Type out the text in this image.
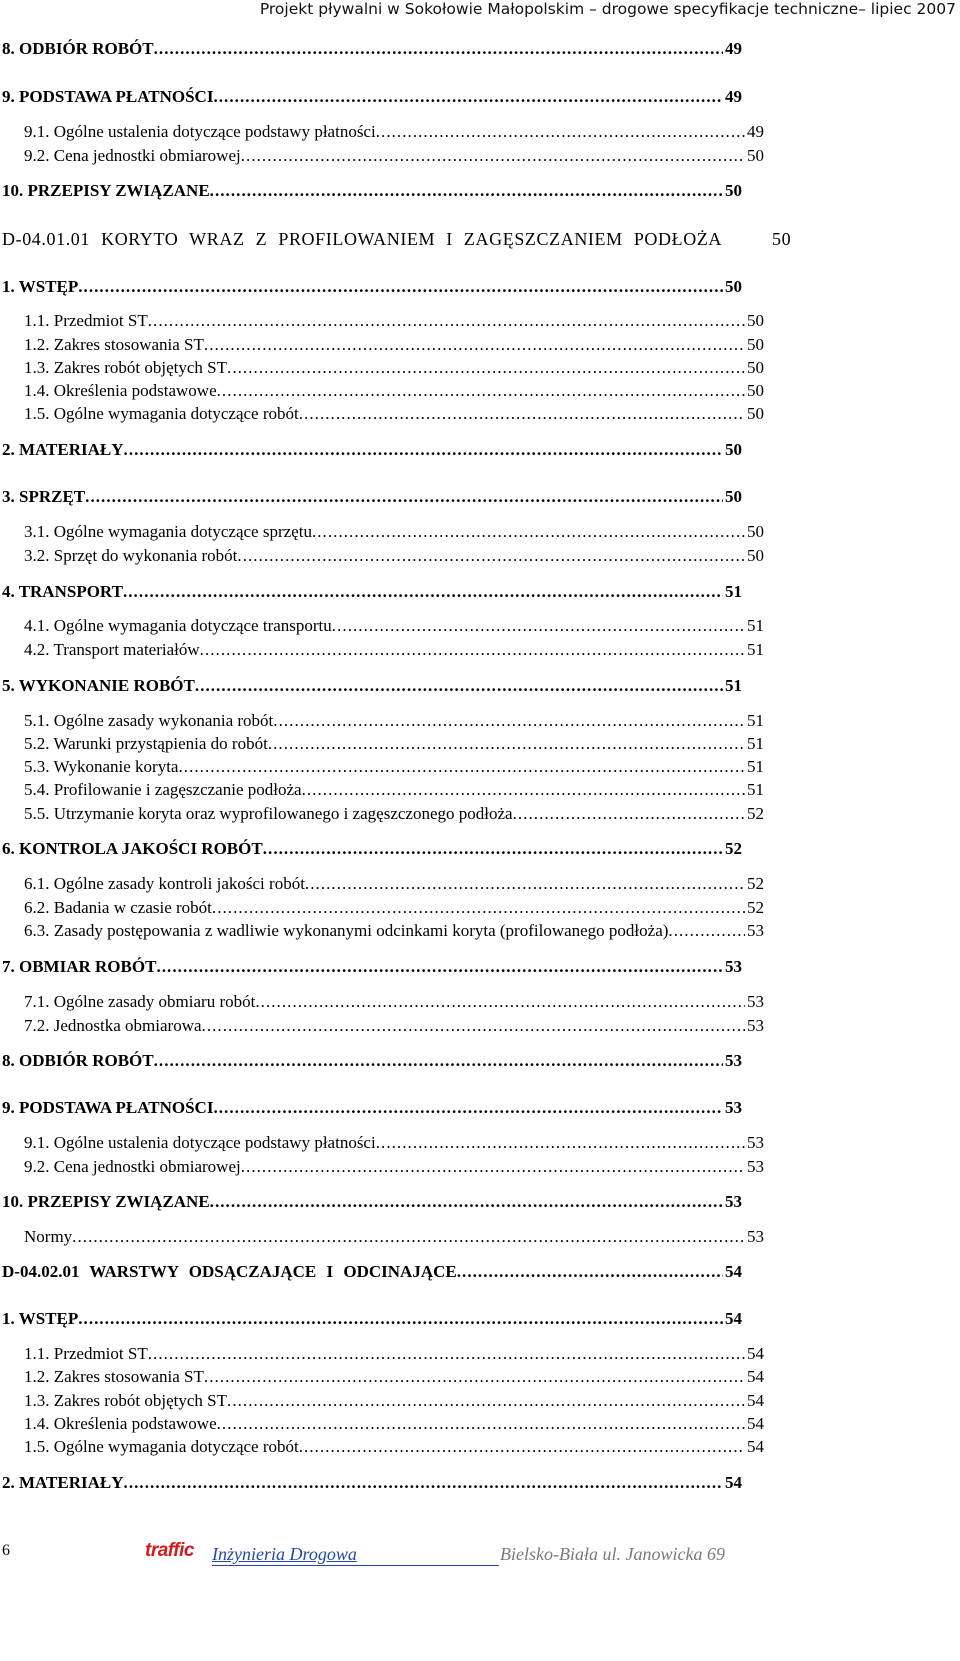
Projekt pływalni w Sokołowie Małopolskim – drogowe specyfikacje techniczne– lipiec 2007
8. ODBIÓR ROBÓT . . .	49
9. PODSTAWA PŁATNOŚCI . . .	49
9.1. Ogólne ustalenia dotyczące podstawy płatności . . .	49
9.2. Cena jednostki obmiarowej . . .	50
10. PRZEPISY ZWIĄZANE . . .	50
D-04.01.01 KORYTO WRAZ Z PROFILOWANIEM I ZAGĘSZCZANIEM PODŁOŻA	50
1. WSTĘP . . .	50
1.1. Przedmiot ST . . .	50
1.2. Zakres stosowania ST . . .	50
1.3. Zakres robót objętych ST . . .	50
1.4. Określenia podstawowe . . .	50
1.5. Ogólne wymagania dotyczące robót . . .	50
2. MATERIAŁY . . .	50
3. SPRZĘT . . .	50
3.1. Ogólne wymagania dotyczące sprzętu . . .	50
3.2. Sprzęt do wykonania robót . . .	50
4. TRANSPORT . . .	51
4.1. Ogólne wymagania dotyczące transportu . . .	51
4.2. Transport materiałów . . .	51
5. WYKONANIE ROBÓT . . .	51
5.1. Ogólne zasady wykonania robót . . .	51
5.2. Warunki przystąpienia do robót . . .	51
5.3. Wykonanie koryta . . .	51
5.4. Profilowanie i zagęszczanie podłoża . . .	51
5.5. Utrzymanie koryta oraz wyprofilowanego i zagęszczonego podłoża . . .	52
6. KONTROLA JAKOŚCI ROBÓT . . .	52
6.1. Ogólne zasady kontroli jakości robót . . .	52
6.2. Badania w czasie robót . . .	52
6.3. Zasady postępowania z wadliwie wykonanymi odcinkami koryta (profilowanego podłoża) . . .	53
7. OBMIAR ROBÓT . . .	53
7.1. Ogólne zasady obmiaru robót . . .	53
7.2. Jednostka obmiarowa . . .	53
8. ODBIÓR ROBÓT . . .	53
9. PODSTAWA PŁATNOŚCI . . .	53
9.1. Ogólne ustalenia dotyczące podstawy płatności . . .	53
9.2. Cena jednostki obmiarowej . . .	53
10. PRZEPISY ZWIĄZANE . . .	53
Normy . . .	53
D-04.02.01 WARSTWY ODSĄCZAJĄCE I ODCINAJĄCE . . .	54
1. WSTĘP . . .	54
1.1. Przedmiot ST . . .	54
1.2. Zakres stosowania ST . . .	54
1.3. Zakres robót objętych ST . . .	54
1.4. Określenia podstawowe . . .	54
1.5. Ogólne wymagania dotyczące robót . . .	54
2. MATERIAŁY . . .	54
6	traffic Inżynieria Drogowa	Bielsko-Biała ul. Janowicka 69
